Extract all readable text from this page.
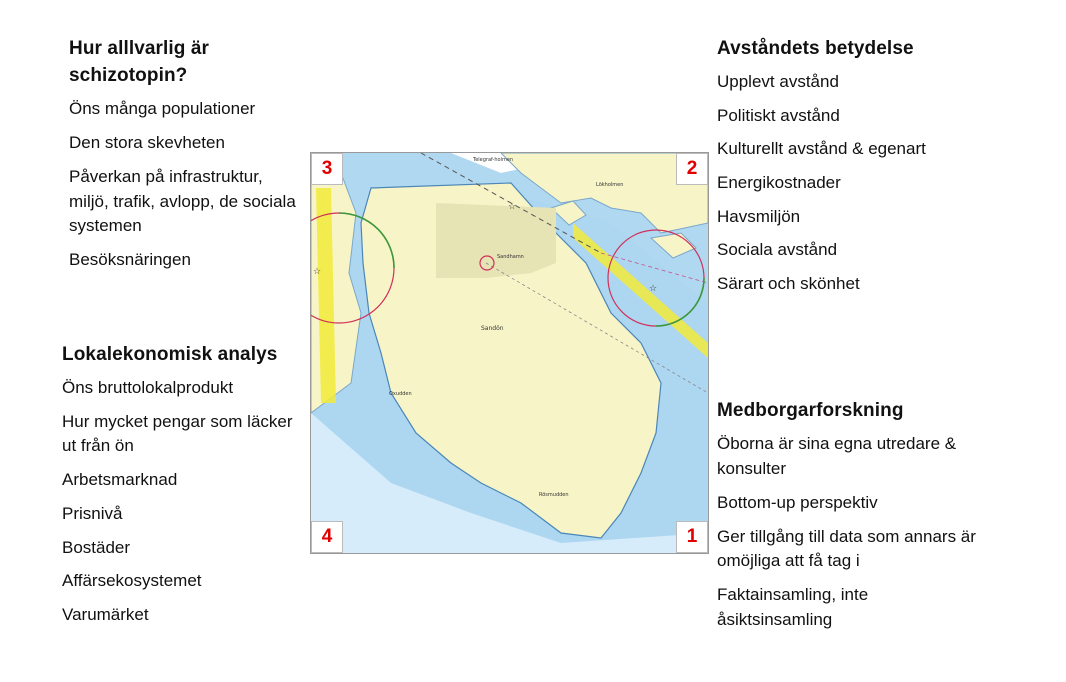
Hur alllvarlig är schizotopin?
Öns många populationer
Den stora skevheten
Påverkan på infrastruktur, miljö, trafik, avlopp, de sociala systemen
Besöksnäringen
Lokalekonomisk analys
Öns bruttolokalprodukt
Hur mycket pengar som läcker ut från ön
Arbetsmarknad
Prisnivå
Bostäder
Affärsekosystemet
Varumärket
Avståndets betydelse
Upplevt avstånd
Politiskt avstånd
Kulturellt avstånd & egenart
Energikostnader
Havsmiljön
Sociala avstånd
Särart och skönhet
Medborgarforskning
Öborna är sina egna utredare & konsulter
Bottom-up perspektiv
Ger tillgång till data som annars är omöjliga att få tag i
Faktainsamling, inte åsiktsinsamling
☆
☆
☆
Sandön
Sandhamn
Lökholmen
Oxudden
Rösmudden
Telegraf-holmen
3	2
4	1
